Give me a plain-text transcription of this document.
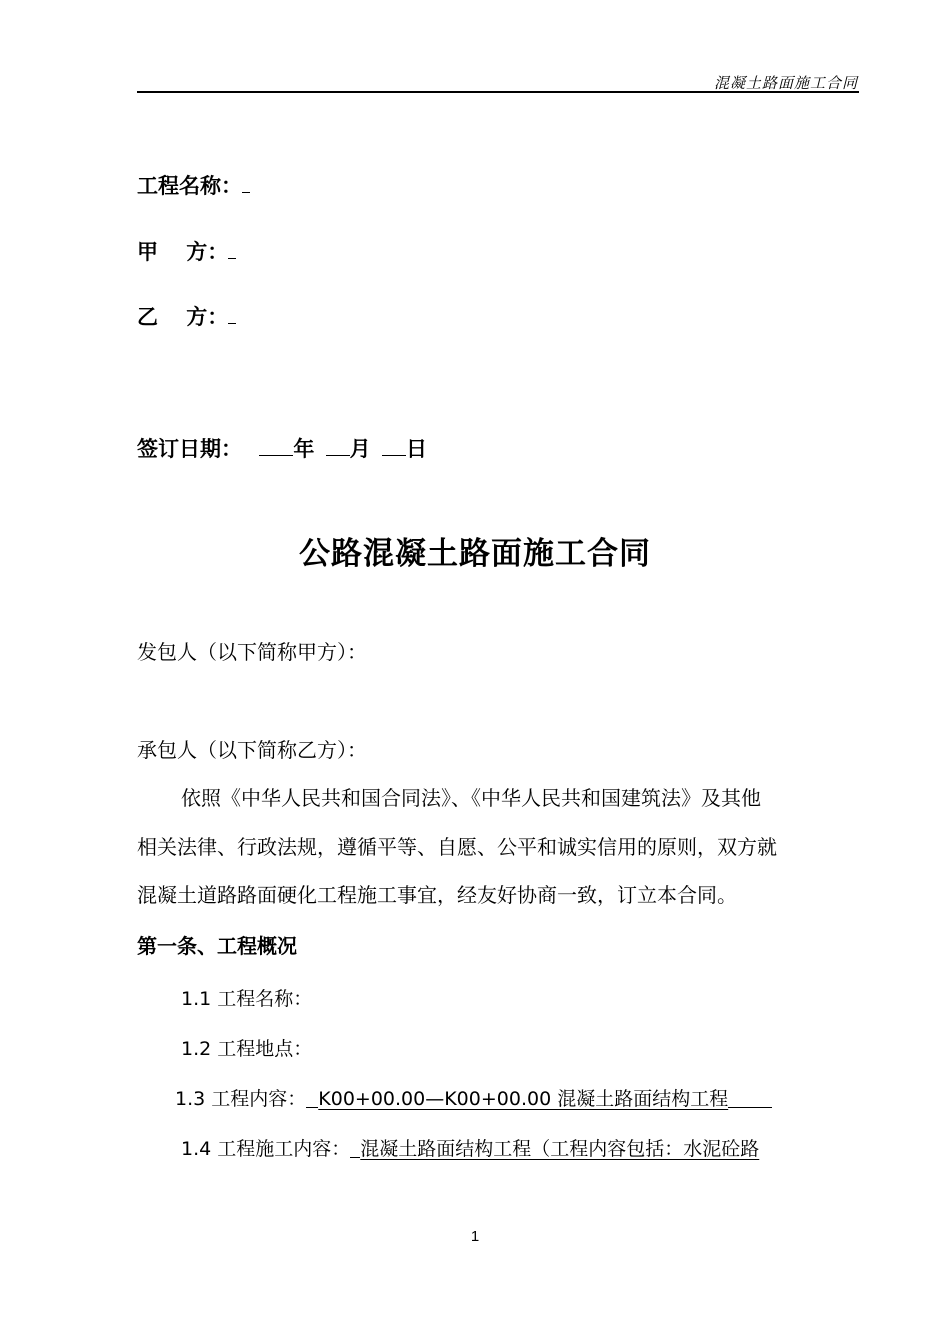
混凝土路面施工合同
工程名称：
甲　 方：
乙　 方：
签订日期： 年 月 日
公路混凝土路面施工合同
发包人（以下简称甲方）：
承包人（以下简称乙方）：
依照《中华人民共和国合同法》、《中华人民共和国建筑法》及其他
相关法律、行政法规，遵循平等、自愿、公平和诚实信用的原则，双方就
混凝土道路路面硬化工程施工事宜，经友好协商一致，订立本合同。
第一条、工程概况
1.1 工程名称：
1.2 工程地点：
1.3 工程内容： K00+00.00—K00+00.00 混凝土路面结构工程
1.4 工程施工内容： 混凝土路面结构工程（工程内容包括：水泥砼路
1
